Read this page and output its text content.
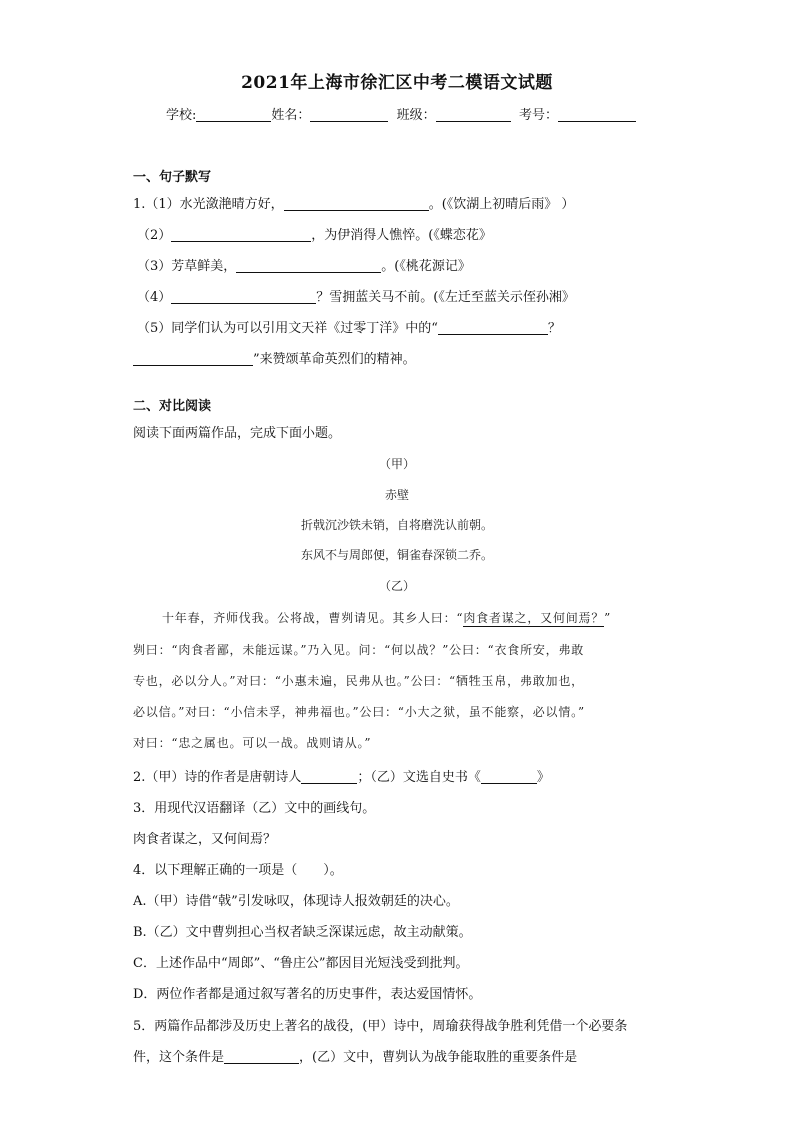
2021年上海市徐汇区中考二模语文试题
学校:	姓名：	班级：	考号：
一、句子默写
1.（1）水光潋滟晴方好，	。(《饮湖上初晴后雨》 ）
（2）	，为伊消得人憔悴。(《蝶恋花》
（3）芳草鲜美，	。(《桃花源记》
（4）	？雪拥蓝关马不前。(《左迁至蓝关示侄孙湘》
（5）同学们认为可以引用文天祥《过零丁洋》中的“	？
”来赞颂革命英烈们的精神。
二、对比阅读
阅读下面两篇作品，完成下面小题。
（甲）
赤壁
折戟沉沙铁未销，自将磨洗认前朝。
东风不与周郎便，铜雀春深锁二乔。
（乙）
十年春，齐师伐我。公将战，曹刿请见。其乡人曰：“肉食者谋之，又何间焉？”
刿曰：“肉食者鄙，未能远谋。”乃入见。问：“何以战？”公曰：“衣食所安，弗敢
专也，必以分人。”对曰：“小惠未遍，民弗从也。”公曰：“牺牲玉帛，弗敢加也，
必以信。”对曰：“小信未孚，神弗福也。”公曰：“小大之狱，虽不能察，必以情。”
对曰：“忠之属也。可以一战。战则请从。”
2.（甲）诗的作者是唐朝诗人	；（乙）文选自史书《	》
3．用现代汉语翻译（乙）文中的画线句。
肉食者谋之，又何间焉？
4．以下理解正确的一项是（　　）。
A.（甲）诗借“戟”引发咏叹，体现诗人报效朝廷的决心。
B.（乙）文中曹刿担心当权者缺乏深谋远虑，故主动献策。
C．上述作品中“周郎”、“鲁庄公”都因目光短浅受到批判。
D．两位作者都是通过叙写著名的历史事件，表达爱国情怀。
5．两篇作品都涉及历史上著名的战役，(甲）诗中，周瑜获得战争胜利凭借一个必要条
件，这个条件是	，(乙）文中，曹刿认为战争能取胜的重要条件是
